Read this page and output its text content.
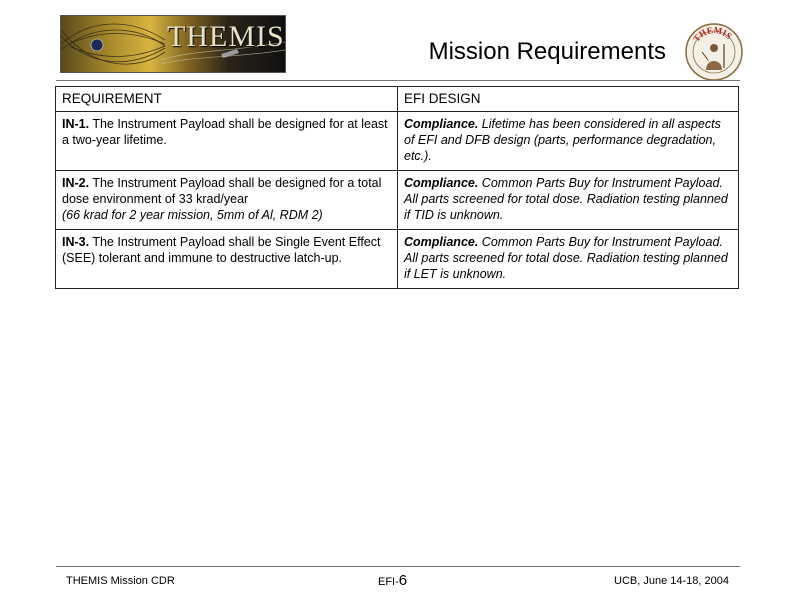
THEMIS	Mission Requirements	THEMIS
REQUIREMENT	EFI DESIGN
IN-1. The Instrument Payload shall be designed for at least a two-year lifetime.	Compliance. Lifetime has been considered in all aspects of EFI and DFB design (parts, performance degradation, etc.).
IN-2. The Instrument Payload shall be designed for a total dose environment of 33 krad/year
(66 krad for 2 year mission, 5mm of Al, RDM 2)	Compliance. Common Parts Buy for Instrument Payload. All parts screened for total dose. Radiation testing planned if TID is unknown.
IN-3. The Instrument Payload shall be Single Event Effect (SEE) tolerant and immune to destructive latch-up.	Compliance. Common Parts Buy for Instrument Payload. All parts screened for total dose. Radiation testing planned if LET is unknown.
THEMIS Mission CDR	EFI-6	UCB, June 14-18, 2004
